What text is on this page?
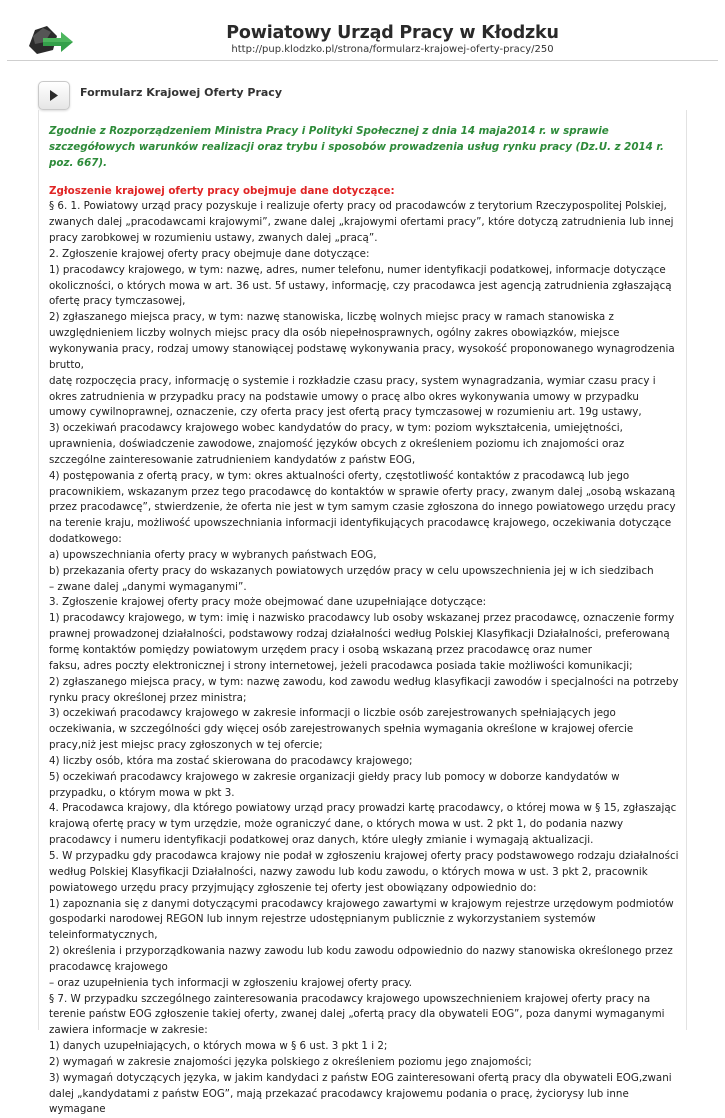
Powiatowy Urząd Pracy w Kłodzku
http://pup.klodzko.pl/strona/formularz-krajowej-oferty-pracy/250
Formularz Krajowej Oferty Pracy

Zgodnie z Rozporządzeniem Ministra Pracy i Polityki Społecznej z dnia 14 maja2014 r. w sprawie szczegółowych warunków realizacji oraz trybu i sposobów prowadzenia usług rynku pracy (Dz.U. z 2014 r. poz. 667).

Zgłoszenie krajowej oferty pracy obejmuje dane dotyczące:

§ 6. 1. Powiatowy urząd pracy pozyskuje i realizuje oferty pracy od pracodawców z terytorium Rzeczypospolitej Polskiej, zwanych dalej „pracodawcami krajowymi”, zwane dalej „krajowymi ofertami pracy”, które dotyczą zatrudnienia lub innej pracy zarobkowej w rozumieniu ustawy, zwanych dalej „pracą”.

2. Zgłoszenie krajowej oferty pracy obejmuje dane dotyczące:

1) pracodawcy krajowego, w tym: nazwę, adres, numer telefonu, numer identyfikacji podatkowej, informacje dotyczące okoliczności, o których mowa w art. 36 ust. 5f ustawy, informację, czy pracodawca jest agencją zatrudnienia zgłaszającą ofertę pracy tymczasowej,

2) zgłaszanego miejsca pracy, w tym: nazwę stanowiska, liczbę wolnych miejsc pracy w ramach stanowiska z uwzględnieniem liczby wolnych miejsc pracy dla osób niepełnosprawnych, ogólny zakres obowiązków, miejsce wykonywania pracy, rodzaj umowy stanowiącej podstawę wykonywania pracy, wysokość proponowanego wynagrodzenia brutto,

datę rozpoczęcia pracy, informację o systemie i rozkładzie czasu pracy, system wynagradzania, wymiar czasu pracy i okres zatrudnienia w przypadku pracy na podstawie umowy o pracę albo okres wykonywania umowy w przypadku umowy cywilnoprawnej, oznaczenie, czy oferta pracy jest ofertą pracy tymczasowej w rozumieniu art. 19g ustawy,

3) oczekiwań pracodawcy krajowego wobec kandydatów do pracy, w tym: poziom wykształcenia, umiejętności, uprawnienia, doświadczenie zawodowe, znajomość języków obcych z określeniem poziomu ich znajomości oraz szczególne zainteresowanie zatrudnieniem kandydatów z państw EOG,

4) postępowania z ofertą pracy, w tym: okres aktualności oferty, częstotliwość kontaktów z pracodawcą lub jego pracownikiem, wskazanym przez tego pracodawcę do kontaktów w sprawie oferty pracy, zwanym dalej „osobą wskazaną przez pracodawcę”, stwierdzenie, że oferta nie jest w tym samym czasie zgłoszona do innego powiatowego urzędu pracy na terenie kraju, możliwość upowszechniania informacji identyfikujących pracodawcę krajowego, oczekiwania dotyczące dodatkowego:

a) upowszechniania oferty pracy w wybranych państwach EOG,

b) przekazania oferty pracy do wskazanych powiatowych urzędów pracy w celu upowszechnienia jej w ich siedzibach

– zwane dalej „danymi wymaganymi”.

3. Zgłoszenie krajowej oferty pracy może obejmować dane uzupełniające dotyczące:

1) pracodawcy krajowego, w tym: imię i nazwisko pracodawcy lub osoby wskazanej przez pracodawcę, oznaczenie formy prawnej prowadzonej działalności, podstawowy rodzaj działalności według Polskiej Klasyfikacji Działalności, preferowaną formę kontaktów pomiędzy powiatowym urzędem pracy i osobą wskazaną przez pracodawcę oraz numer

faksu, adres poczty elektronicznej i strony internetowej, jeżeli pracodawca posiada takie możliwości komunikacji;

2) zgłaszanego miejsca pracy, w tym: nazwę zawodu, kod zawodu według klasyfikacji zawodów i specjalności na potrzeby rynku pracy określonej przez ministra;

3) oczekiwań pracodawcy krajowego w zakresie informacji o liczbie osób zarejestrowanych spełniających jego oczekiwania, w szczególności gdy więcej osób zarejestrowanych spełnia wymagania określone w krajowej ofercie pracy,niż jest miejsc pracy zgłoszonych w tej ofercie;

4) liczby osób, która ma zostać skierowana do pracodawcy krajowego;

5) oczekiwań pracodawcy krajowego w zakresie organizacji giełdy pracy lub pomocy w doborze kandydatów w przypadku, o którym mowa w pkt 3.

4. Pracodawca krajowy, dla którego powiatowy urząd pracy prowadzi kartę pracodawcy, o której mowa w § 15, zgłaszając krajową ofertę pracy w tym urzędzie, może ograniczyć dane, o których mowa w ust. 2 pkt 1, do podania nazwy pracodawcy i numeru identyfikacji podatkowej oraz danych, które uległy zmianie i wymagają aktualizacji.

5. W przypadku gdy pracodawca krajowy nie podał w zgłoszeniu krajowej oferty pracy podstawowego rodzaju działalności według Polskiej Klasyfikacji Działalności, nazwy zawodu lub kodu zawodu, o których mowa w ust. 3 pkt 2, pracownik powiatowego urzędu pracy przyjmujący zgłoszenie tej oferty jest obowiązany odpowiednio do:

1) zapoznania się z danymi dotyczącymi pracodawcy krajowego zawartymi w krajowym rejestrze urzędowym podmiotów gospodarki narodowej REGON lub innym rejestrze udostępnianym publicznie z wykorzystaniem systemów teleinformatycznych,

2) określenia i przyporządkowania nazwy zawodu lub kodu zawodu odpowiednio do nazwy stanowiska określonego przez pracodawcę krajowego

– oraz uzupełnienia tych informacji w zgłoszeniu krajowej oferty pracy.

§ 7. W przypadku szczególnego zainteresowania pracodawcy krajowego upowszechnieniem krajowej oferty pracy na terenie państw EOG zgłoszenie takiej oferty, zwanej dalej „ofertą pracy dla obywateli EOG”, poza danymi wymaganymi zawiera informacje w zakresie:

1) danych uzupełniających, o których mowa w § 6 ust. 3 pkt 1 i 2;

2) wymagań w zakresie znajomości języka polskiego z określeniem poziomu jego znajomości;

3) wymagań dotyczących języka, w jakim kandydaci z państw EOG zainteresowani ofertą pracy dla obywateli EOG,zwani dalej „kandydatami z państw EOG”, mają przekazać pracodawcy krajowemu podania o pracę, życiorysy lub inne wymagane
